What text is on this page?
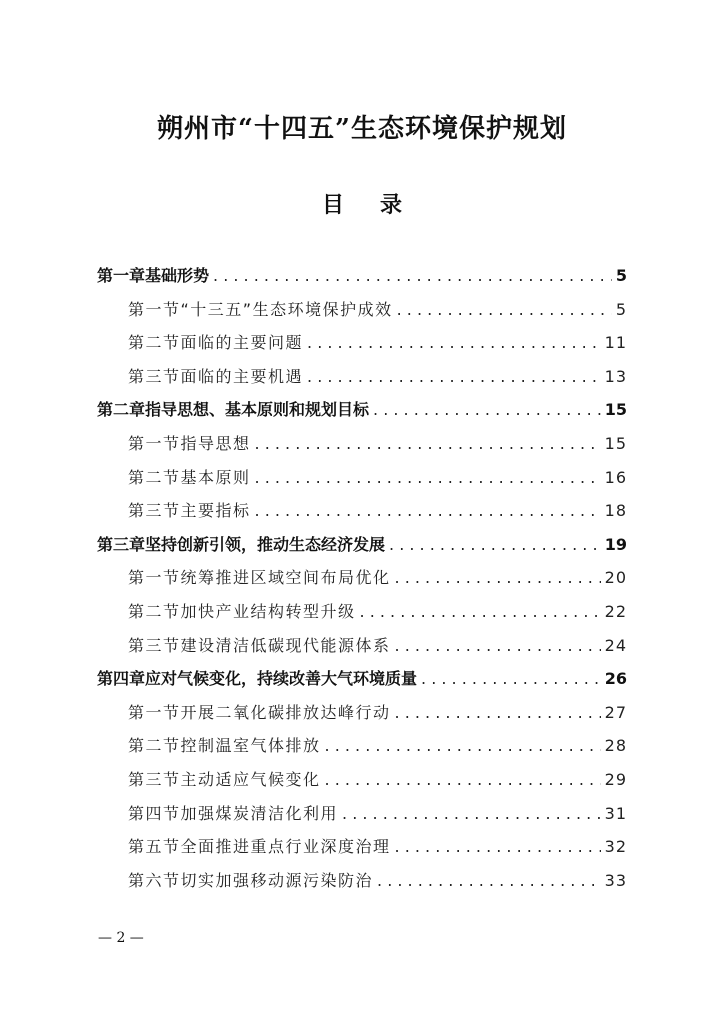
朔州市“十四五”生态环境保护规划
目 录
第一章 基础形势 . . .	5
第一节 “十三五”生态环境保护成效 . . .	5
第二节 面临的主要问题 . . .	11
第三节 面临的主要机遇 . . .	13
第二章 指导思想、基本原则和规划目标 . . .	15
第一节 指导思想 . . .	15
第二节 基本原则 . . .	16
第三节 主要指标 . . .	18
第三章 坚持创新引领，推动生态经济发展 . . .	19
第一节 统筹推进区域空间布局优化 . . .	20
第二节 加快产业结构转型升级 . . .	22
第三节 建设清洁低碳现代能源体系 . . .	24
第四章 应对气候变化，持续改善大气环境质量 . . .	26
第一节 开展二氧化碳排放达峰行动 . . .	27
第二节 控制温室气体排放 . . .	28
第三节 主动适应气候变化 . . .	29
第四节 加强煤炭清洁化利用 . . .	31
第五节 全面推进重点行业深度治理 . . .	32
第六节 切实加强移动源污染防治 . . .	33
— 2 —
